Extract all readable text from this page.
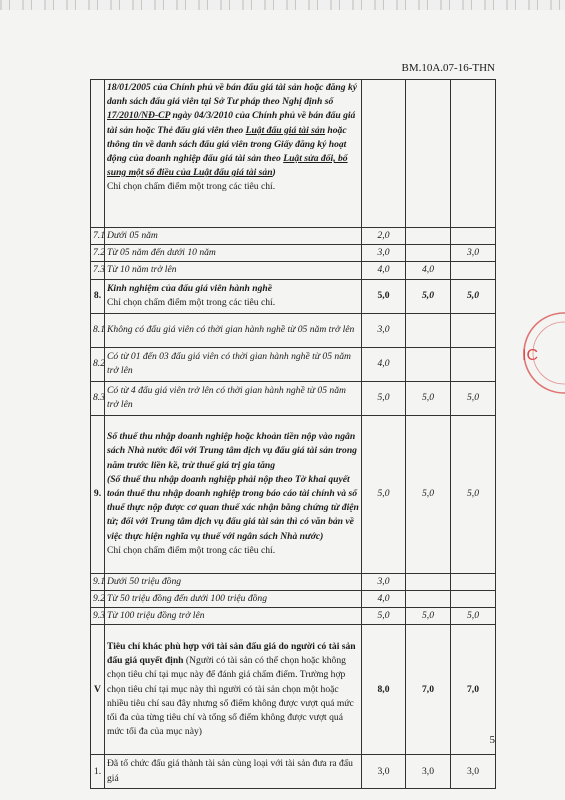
BM.10A.07-16-THN
IC
	18/01/2005 của Chính phủ về bán đấu giá tài sản hoặc đăng ký danh sách đấu giá viên tại Sở Tư pháp theo Nghị định số 17/2010/NĐ-CP ngày 04/3/2010 của Chính phủ về bán đấu giá tài sản hoặc Thẻ đấu giá viên theo Luật đấu giá tài sản hoặc thông tin về danh sách đấu giá viên trong Giấy đăng ký hoạt động của doanh nghiệp đấu giá tài sản theo Luật sửa đổi, bổ sung một số điều của Luật đấu giá tài sản)
Chỉ chọn chấm điểm một trong các tiêu chí.			
7.1	Dưới 05 năm	2,0		
7.2	Từ 05 năm đến dưới 10 năm	3,0		3,0
7.3	Từ 10 năm trở lên	4,0	4,0	
8.	Kinh nghiệm của đấu giá viên hành nghề
Chỉ chọn chấm điểm một trong các tiêu chí.	5,0	5,0	5,0
8.1	Không có đấu giá viên có thời gian hành nghề từ 05 năm trở lên	3,0		
8.2	Có từ 01 đến 03 đấu giá viên có thời gian hành nghề từ 05 năm trở lên	4,0		
8.3	Có từ 4 đấu giá viên trở lên có thời gian hành nghề từ 05 năm trở lên	5,0	5,0	5,0
9.	Số thuế thu nhập doanh nghiệp hoặc khoản tiền nộp vào ngân sách Nhà nước đối với Trung tâm dịch vụ đấu giá tài sản trong năm trước liền kề, trừ thuế giá trị gia tăng
(Số thuế thu nhập doanh nghiệp phải nộp theo Tờ khai quyết toán thuế thu nhập doanh nghiệp trong báo cáo tài chính và số thuế thực nộp được cơ quan thuế xác nhận bằng chứng từ điện tử; đối với Trung tâm dịch vụ đấu giá tài sản thì có văn bản về việc thực hiện nghĩa vụ thuế với ngân sách Nhà nước)
Chỉ chọn chấm điểm một trong các tiêu chí.	5,0	5,0	5,0
9.1	Dưới 50 triệu đồng	3,0		
9.2	Từ 50 triệu đồng đến dưới 100 triệu đồng	4,0		
9.3	Từ 100 triệu đồng trở lên	5,0	5,0	5,0
V	Tiêu chí khác phù hợp với tài sản đấu giá do người có tài sản đấu giá quyết định (Người có tài sản có thể chọn hoặc không chọn tiêu chí tại mục này để đánh giá chấm điểm. Trường hợp chọn tiêu chí tại mục này thì người có tài sản chọn một hoặc nhiều tiêu chí sau đây nhưng số điểm không được vượt quá mức tối đa của từng tiêu chí và tổng số điểm không được vượt quá mức tối đa của mục này)	8,0	7,0	7,0
1.	Đã tổ chức đấu giá thành tài sản cùng loại với tài sản đưa ra đấu giá	3,0	3,0	3,0
5
